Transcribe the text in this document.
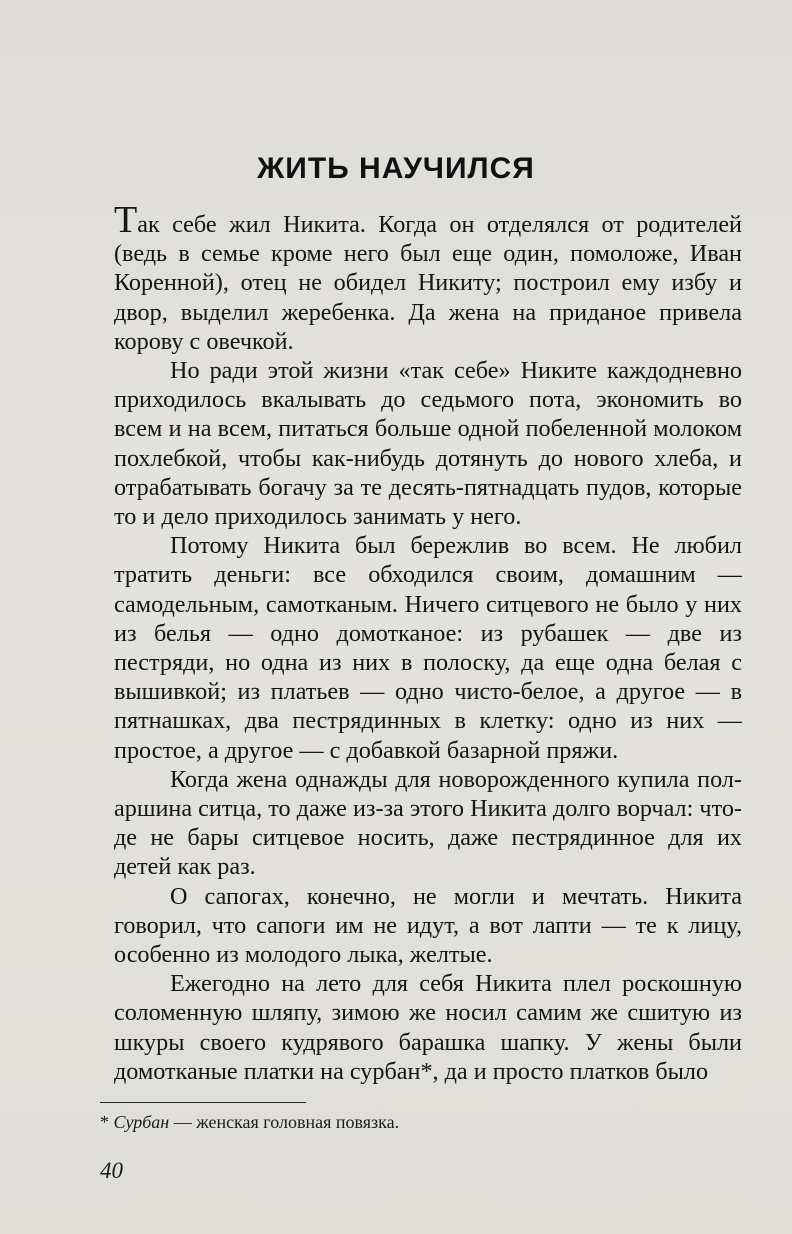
ЖИТЬ НАУЧИЛСЯ

Так себе жил Никита. Когда он отделялся от родителей (ведь в семье кроме него был еще один, помоложе, Иван Коренной), отец не обидел Никиту; построил ему избу и двор, выделил жеребенка. Да жена на приданое привела корову с овечкой.

Но ради этой жизни «так себе» Никите каждодневно приходилось вкалывать до седьмого пота, экономить во всем и на всем, питаться больше одной побеленной молоком похлебкой, чтобы как-нибудь дотянуть до нового хлеба, и отрабатывать богачу за те десять-пятнадцать пудов, которые то и дело приходилось занимать у него.

Потому Никита был бережлив во всем. Не любил тратить деньги: все обходился своим, домашним — самодельным, самотканым. Ничего ситцевого не было у них из белья — одно домотканое: из рубашек — две из пестряди, но одна из них в полоску, да еще одна белая с вышивкой; из платьев — одно чисто-белое, а другое — в пятнашках, два пестрядинных в клетку: одно из них — простое, а другое — с добавкой базарной пряжи.

Когда жена однажды для новорожденного купила пол-аршина ситца, то даже из-за этого Никита долго ворчал: что-де не бары ситцевое носить, даже пестрядинное для их детей как раз.

О сапогах, конечно, не могли и мечтать. Никита говорил, что сапоги им не идут, а вот лапти — те к лицу, особенно из молодого лыка, желтые.

Ежегодно на лето для себя Никита плел роскошную соломенную шляпу, зимою же носил самим же сшитую из шкуры своего кудрявого барашка шапку. У жены были домотканые платки на сурбан*, да и просто платков было

* Сурбан — женская головная повязка.
40
